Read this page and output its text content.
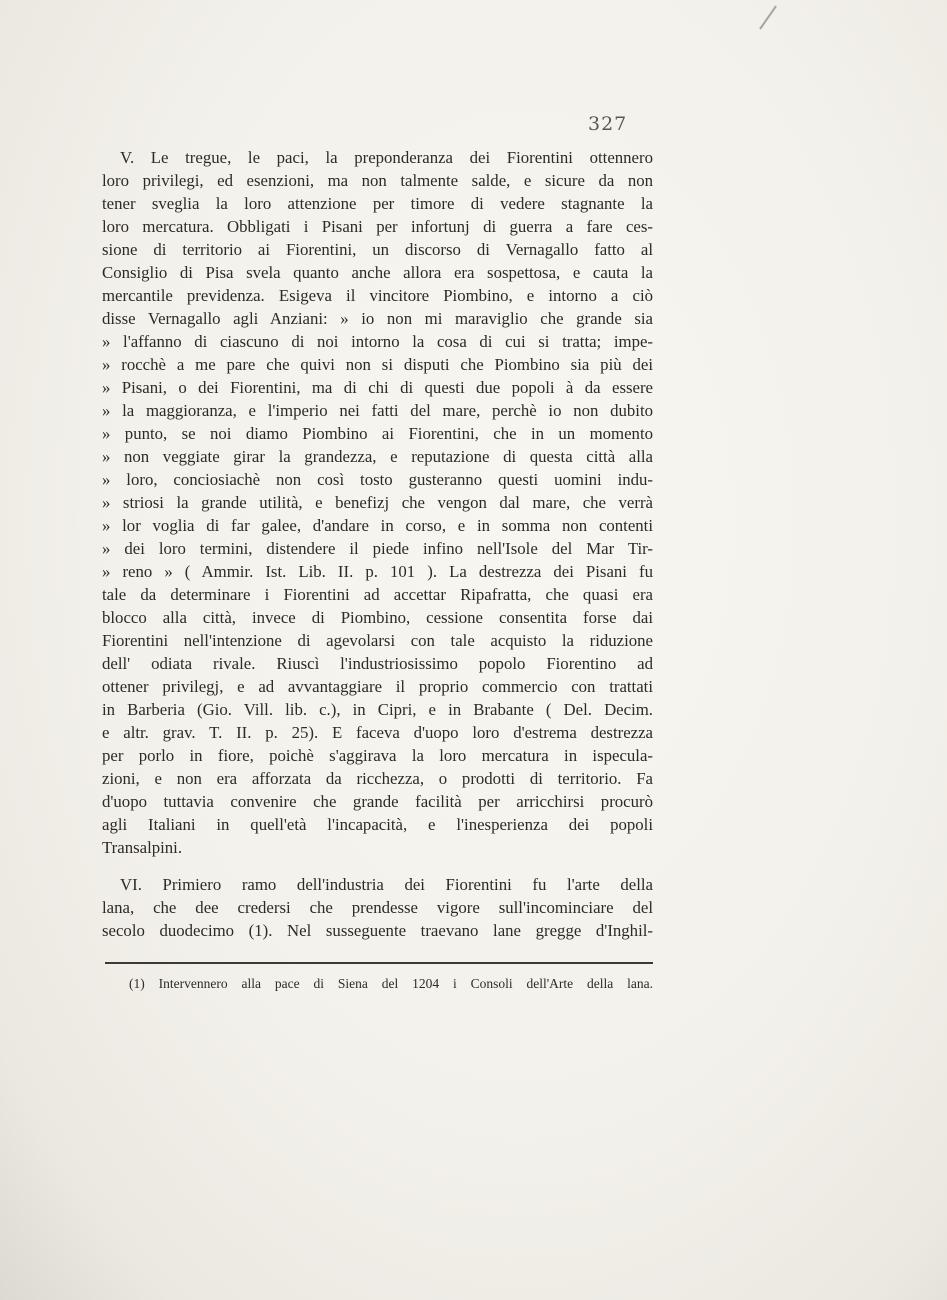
327
V. Le tregue, le paci, la preponderanza dei Fiorentini ottennero
loro privilegi, ed esenzioni, ma non talmente salde, e sicure da non
tener sveglia la loro attenzione per timore di vedere stagnante la
loro mercatura. Obbligati i Pisani per infortunj di guerra a fare ces-
sione di territorio ai Fiorentini, un discorso di Vernagallo fatto al
Consiglio di Pisa svela quanto anche allora era sospettosa, e cauta la
mercantile previdenza. Esigeva il vincitore Piombino, e intorno a ciò
disse Vernagallo agli Anziani: » io non mi maraviglio che grande sia
» l'affanno di ciascuno di noi intorno la cosa di cui si tratta; impe-
» rocchè a me pare che quivi non si disputi che Piombino sia più dei
» Pisani, o dei Fiorentini, ma di chi di questi due popoli à da essere
» la maggioranza, e l'imperio nei fatti del mare, perchè io non dubito
» punto, se noi diamo Piombino ai Fiorentini, che in un momento
» non veggiate girar la grandezza, e reputazione di questa città alla
» loro, conciosiachè non così tosto gusteranno questi uomini indu-
» striosi la grande utilità, e benefizj che vengon dal mare, che verrà
» lor voglia di far galee, d'andare in corso, e in somma non contenti
» dei loro termini, distendere il piede infino nell'Isole del Mar Tir-
» reno » ( Ammir. Ist. Lib. II. p. 101 ). La destrezza dei Pisani fu
tale da determinare i Fiorentini ad accettar Ripafratta, che quasi era
blocco alla città, invece di Piombino, cessione consentita forse dai
Fiorentini nell'intenzione di agevolarsi con tale acquisto la riduzione
dell' odiata rivale. Riuscì l'industriosissimo popolo Fiorentino ad
ottener privilegj, e ad avvantaggiare il proprio commercio con trattati
in Barberia (Gio. Vill. lib. c.), in Cipri, e in Brabante ( Del. Decim.
e altr. grav. T. II. p. 25). E faceva d'uopo loro d'estrema destrezza
per porlo in fiore, poichè s'aggirava la loro mercatura in ispecula-
zioni, e non era afforzata da ricchezza, o prodotti di territorio. Fa
d'uopo tuttavia convenire che grande facilità per arricchirsi procurò
agli Italiani in quell'età l'incapacità, e l'inesperienza dei popoli
Transalpini.
VI. Primiero ramo dell'industria dei Fiorentini fu l'arte della
lana, che dee credersi che prendesse vigore sull'incominciare del
secolo duodecimo (1). Nel susseguente traevano lane gregge d'Inghil-
(1) Intervennero alla pace di Siena del 1204 i Consoli dell'Arte della lana.
